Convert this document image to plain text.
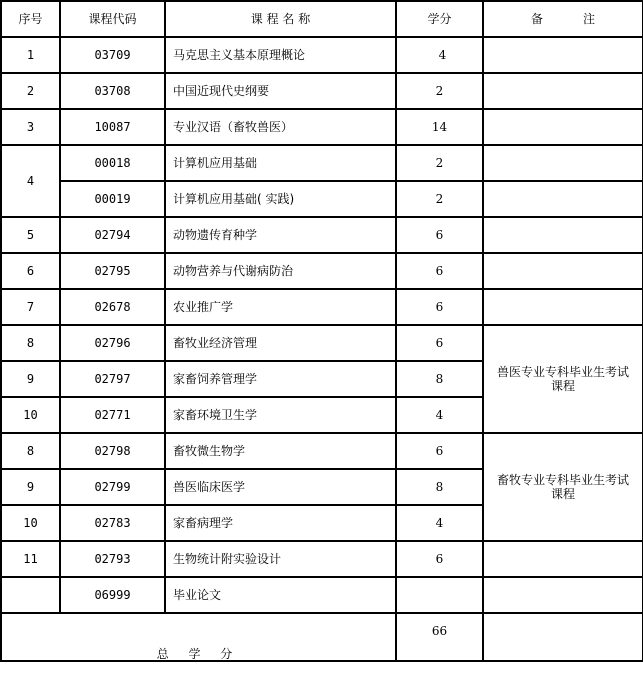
序号	课程代码	课 程 名 称	学分	备 注
1	03709	马克思主义基本原理概论	4	
2	03708	中国近现代史纲要	2	
3	10087	专业汉语（畜牧兽医）	14	
4	00018	计算机应用基础	2	
	00019	计算机应用基础( 实践)	2	
5	02794	动物遗传育种学	6	
6	02795	动物营养与代谢病防治	6	
7	02678	农业推广学	6	
8	02796	畜牧业经济管理	6	兽医专业专科毕业生考试
课程

9	02797	家畜饲养管理学	8	
10	02771	家畜环境卫生学	4	
8	02798	畜牧微生物学	6	畜牧专业专科毕业生考试
课程

9	02799	兽医临床医学	8	
10	02783	家畜病理学	4	
11	02793	生物统计附实验设计	6	
	06999	毕业论文		
总 学 分			66	
